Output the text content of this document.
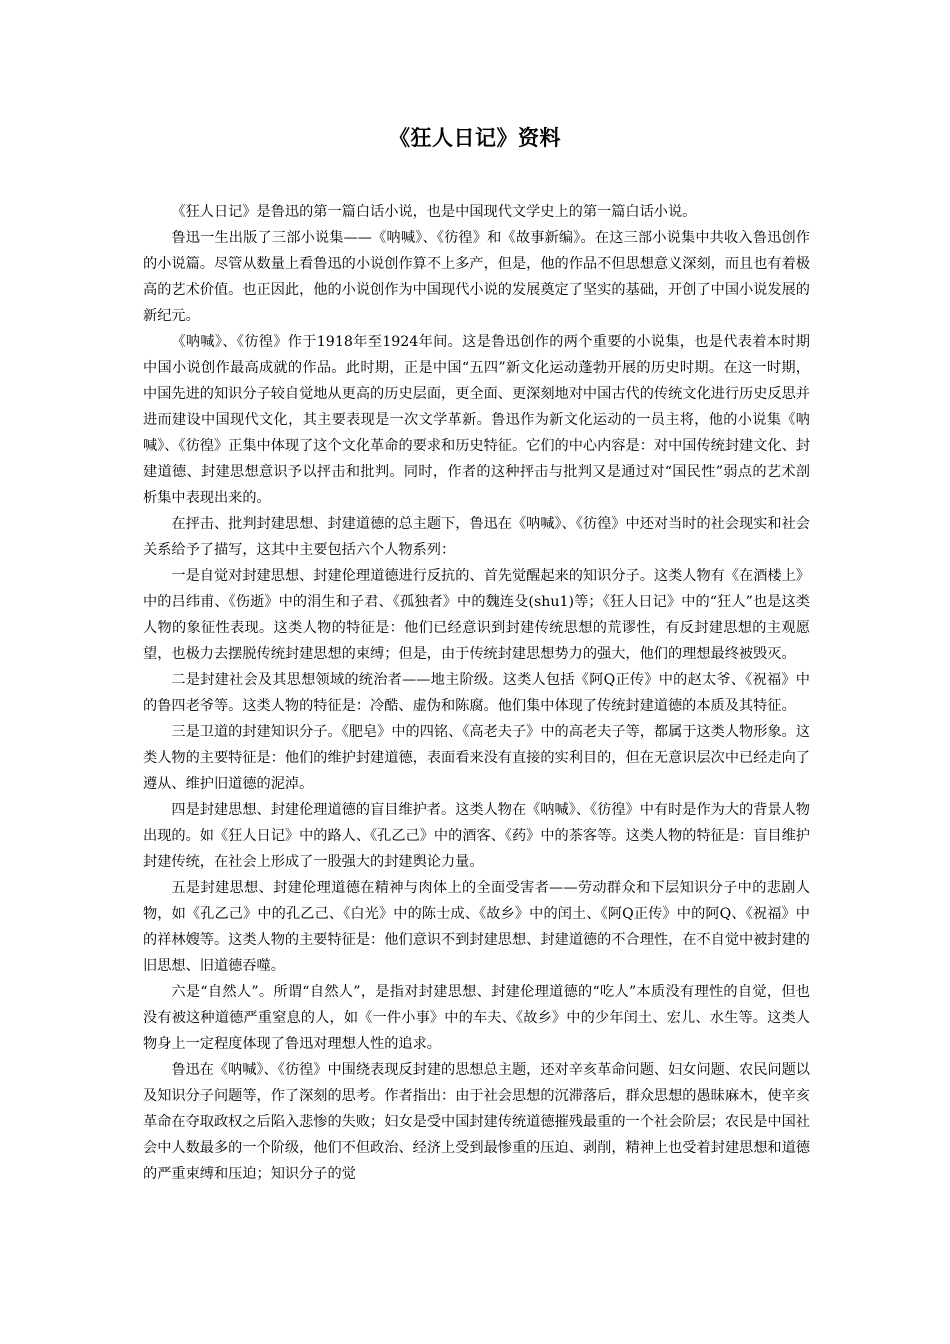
《狂人日记》资料

《狂人日记》是鲁迅的第一篇白话小说，也是中国现代文学史上的第一篇白话小说。

鲁迅一生出版了三部小说集——《呐喊》、《彷徨》和《故事新编》。在这三部小说集中共收入鲁迅创作的小说篇。尽管从数量上看鲁迅的小说创作算不上多产，但是，他的作品不但思想意义深刻，而且也有着极高的艺术价值。也正因此，他的小说创作为中国现代小说的发展奠定了坚实的基础，开创了中国小说发展的新纪元。

《呐喊》、《彷徨》作于1918年至1924年间。这是鲁迅创作的两个重要的小说集，也是代表着本时期中国小说创作最高成就的作品。此时期，正是中国“五四”新文化运动蓬勃开展的历史时期。在这一时期，中国先进的知识分子较自觉地从更高的历史层面，更全面、更深刻地对中国古代的传统文化进行历史反思并进而建设中国现代文化，其主要表现是一次文学革新。鲁迅作为新文化运动的一员主将，他的小说集《呐喊》、《彷徨》正集中体现了这个文化革命的要求和历史特征。它们的中心内容是：对中国传统封建文化、封建道德、封建思想意识予以抨击和批判。同时，作者的这种抨击与批判又是通过对“国民性”弱点的艺术剖析集中表现出来的。

在抨击、批判封建思想、封建道德的总主题下，鲁迅在《呐喊》、《彷徨》中还对当时的社会现实和社会关系给予了描写，这其中主要包括六个人物系列：

一是自觉对封建思想、封建伦理道德进行反抗的、首先觉醒起来的知识分子。这类人物有《在酒楼上》中的吕纬甫、《伤逝》中的涓生和子君、《孤独者》中的魏连殳(shu1)等；《狂人日记》中的“狂人”也是这类人物的象征性表现。这类人物的特征是：他们已经意识到封建传统思想的荒谬性，有反封建思想的主观愿望，也极力去摆脱传统封建思想的束缚；但是，由于传统封建思想势力的强大，他们的理想最终被毁灭。

二是封建社会及其思想领域的统治者——地主阶级。这类人包括《阿Q正传》中的赵太爷、《祝福》中的鲁四老爷等。这类人物的特征是：冷酷、虚伪和陈腐。他们集中体现了传统封建道德的本质及其特征。

三是卫道的封建知识分子。《肥皂》中的四铭、《高老夫子》中的高老夫子等，都属于这类人物形象。这类人物的主要特征是：他们的维护封建道德，表面看来没有直接的实利目的，但在无意识层次中已经走向了遵从、维护旧道德的泥淖。

四是封建思想、封建伦理道德的盲目维护者。这类人物在《呐喊》、《彷徨》中有时是作为大的背景人物出现的。如《狂人日记》中的路人、《孔乙己》中的酒客、《药》中的茶客等。这类人物的特征是：盲目维护封建传统，在社会上形成了一股强大的封建舆论力量。

五是封建思想、封建伦理道德在精神与肉体上的全面受害者——劳动群众和下层知识分子中的悲剧人物，如《孔乙己》中的孔乙己、《白光》中的陈士成、《故乡》中的闰土、《阿Q正传》中的阿Q、《祝福》中的祥林嫂等。这类人物的主要特征是：他们意识不到封建思想、封建道德的不合理性，在不自觉中被封建的旧思想、旧道德吞噬。

六是“自然人”。所谓“自然人”，是指对封建思想、封建伦理道德的“吃人”本质没有理性的自觉，但也没有被这种道德严重窒息的人，如《一件小事》中的车夫、《故乡》中的少年闰土、宏儿、水生等。这类人物身上一定程度体现了鲁迅对理想人性的追求。

鲁迅在《呐喊》、《彷徨》中围绕表现反封建的思想总主题，还对辛亥革命问题、妇女问题、农民问题以及知识分子问题等，作了深刻的思考。作者指出：由于社会思想的沉滞落后，群众思想的愚昧麻木，使辛亥革命在夺取政权之后陷入悲惨的失败；妇女是受中国封建传统道德摧残最重的一个社会阶层；农民是中国社会中人数最多的一个阶级，他们不但政治、经济上受到最惨重的压迫、剥削，精神上也受着封建思想和道德的严重束缚和压迫；知识分子的觉
